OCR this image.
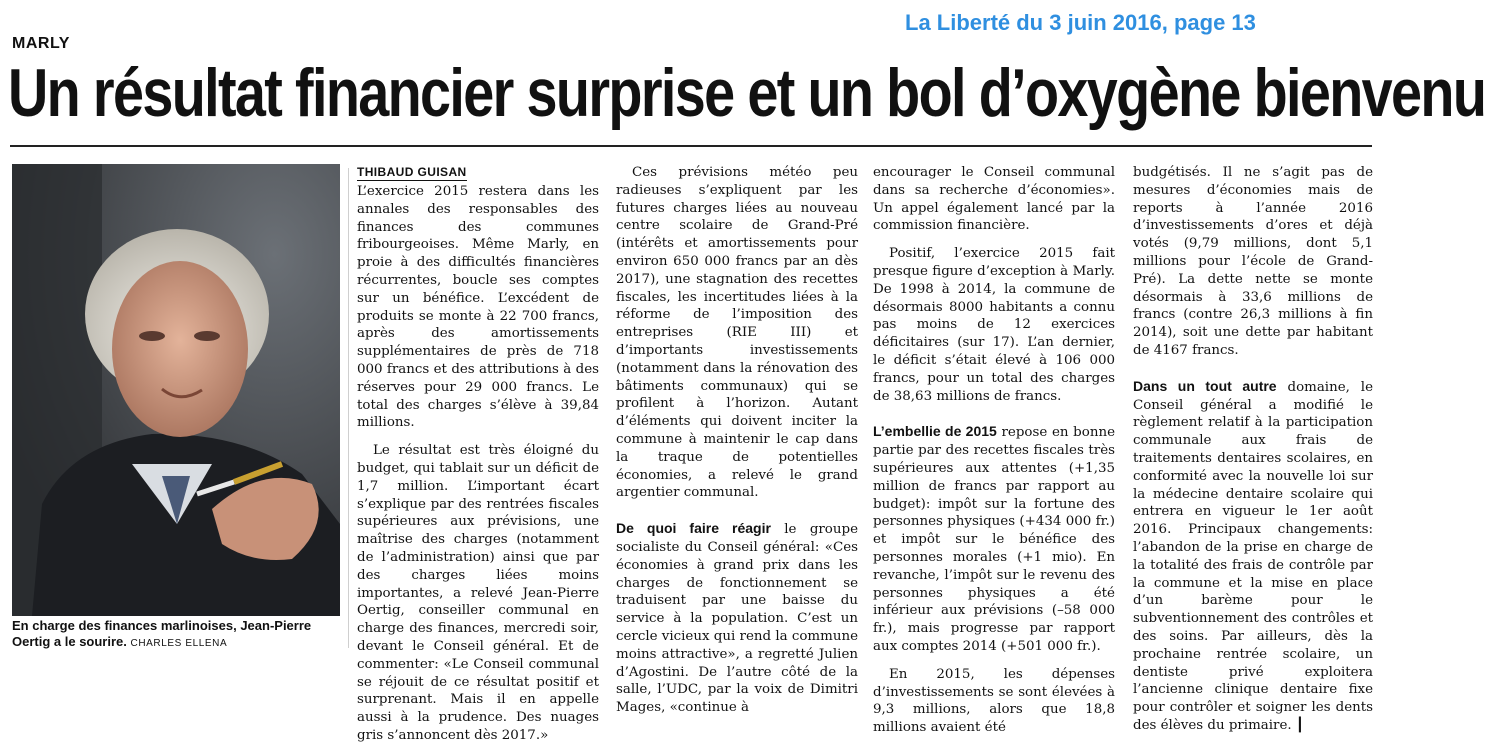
La Liberté du 3 juin 2016, page 13
MARLY
Un résultat financier surprise et un bol d’oxygène bienvenu
En charge des finances marlinoises, Jean-Pierre Oertig a le sourire. CHARLES ELLENA
THIBAUD GUISAN

L’exercice 2015 restera dans les annales des responsables des finances des communes fribourgeoises. Même Marly, en proie à des difficultés financières récurrentes, boucle ses comptes sur un bénéfice. L’excédent de produits se monte à 22 700 francs, après des amortissements supplémentaires de près de 718 000 francs et des attributions à des réserves pour 29 000 francs. Le total des charges s’élève à 39,84 millions.

Le résultat est très éloigné du budget, qui tablait sur un déficit de 1,7 million. L’important écart s’explique par des rentrées fiscales supérieures aux prévisions, une maîtrise des charges (notamment de l’administration) ainsi que par des charges liées moins importantes, a relevé Jean-Pierre Oertig, conseiller communal en charge des finances, mercredi soir, devant le Conseil général. Et de commenter: «Le Conseil communal se réjouit de ce résultat positif et surprenant. Mais il en appelle aussi à la prudence. Des nuages gris s’annoncent dès 2017.»

Ces prévisions météo peu radieuses s’expliquent par les futures charges liées au nouveau centre scolaire de Grand-Pré (intérêts et amortissements pour environ 650 000 francs par an dès 2017), une stagnation des recettes fiscales, les incertitudes liées à la réforme de l’imposition des entreprises (RIE III) et d’importants investissements (notamment dans la rénovation des bâtiments communaux) qui se profilent à l’horizon. Autant d’éléments qui doivent inciter la commune à maintenir le cap dans la traque de potentielles économies, a relevé le grand argentier communal.

De quoi faire réagir le groupe socialiste du Conseil général: «Ces économies à grand prix dans les charges de fonctionnement se traduisent par une baisse du service à la population. C’est un cercle vicieux qui rend la commune moins attractive», a regretté Julien d’Agostini. De l’autre côté de la salle, l’UDC, par la voix de Dimitri Mages, «continue à

encourager le Conseil communal dans sa recherche d’économies». Un appel également lancé par la commission financière.

Positif, l’exercice 2015 fait presque figure d’exception à Marly. De 1998 à 2014, la commune de désormais 8000 habitants a connu pas moins de 12 exercices déficitaires (sur 17). L’an dernier, le déficit s’était élevé à 106 000 francs, pour un total des charges de 38,63 millions de francs.

L’embellie de 2015 repose en bonne partie par des recettes fiscales très supérieures aux attentes (+1,35 million de francs par rapport au budget): impôt sur la fortune des personnes physiques (+434 000 fr.) et impôt sur le bénéfice des personnes morales (+1 mio). En revanche, l’impôt sur le revenu des personnes physiques a été inférieur aux prévisions (–58 000 fr.), mais progresse par rapport aux comptes 2014 (+501 000 fr.).

En 2015, les dépenses d’investissements se sont élevées à 9,3 millions, alors que 18,8 millions avaient été

budgétisés. Il ne s’agit pas de mesures d’économies mais de reports à l’année 2016 d’investissements d’ores et déjà votés (9,79 millions, dont 5,1 millions pour l’école de Grand-Pré). La dette nette se monte désormais à 33,6 millions de francs (contre 26,3 millions à fin 2014), soit une dette par habitant de 4167 francs.

Dans un tout autre domaine, le Conseil général a modifié le règlement relatif à la participation communale aux frais de traitements dentaires scolaires, en conformité avec la nouvelle loi sur la médecine dentaire scolaire qui entrera en vigueur le 1er août 2016. Principaux changements: l’abandon de la prise en charge de la totalité des frais de contrôle par la commune et la mise en place d’un barème pour le subventionnement des contrôles et des soins. Par ailleurs, dès la prochaine rentrée scolaire, un dentiste privé exploitera l’ancienne clinique dentaire fixe pour contrôler et soigner les dents des élèves du primaire. ┃
